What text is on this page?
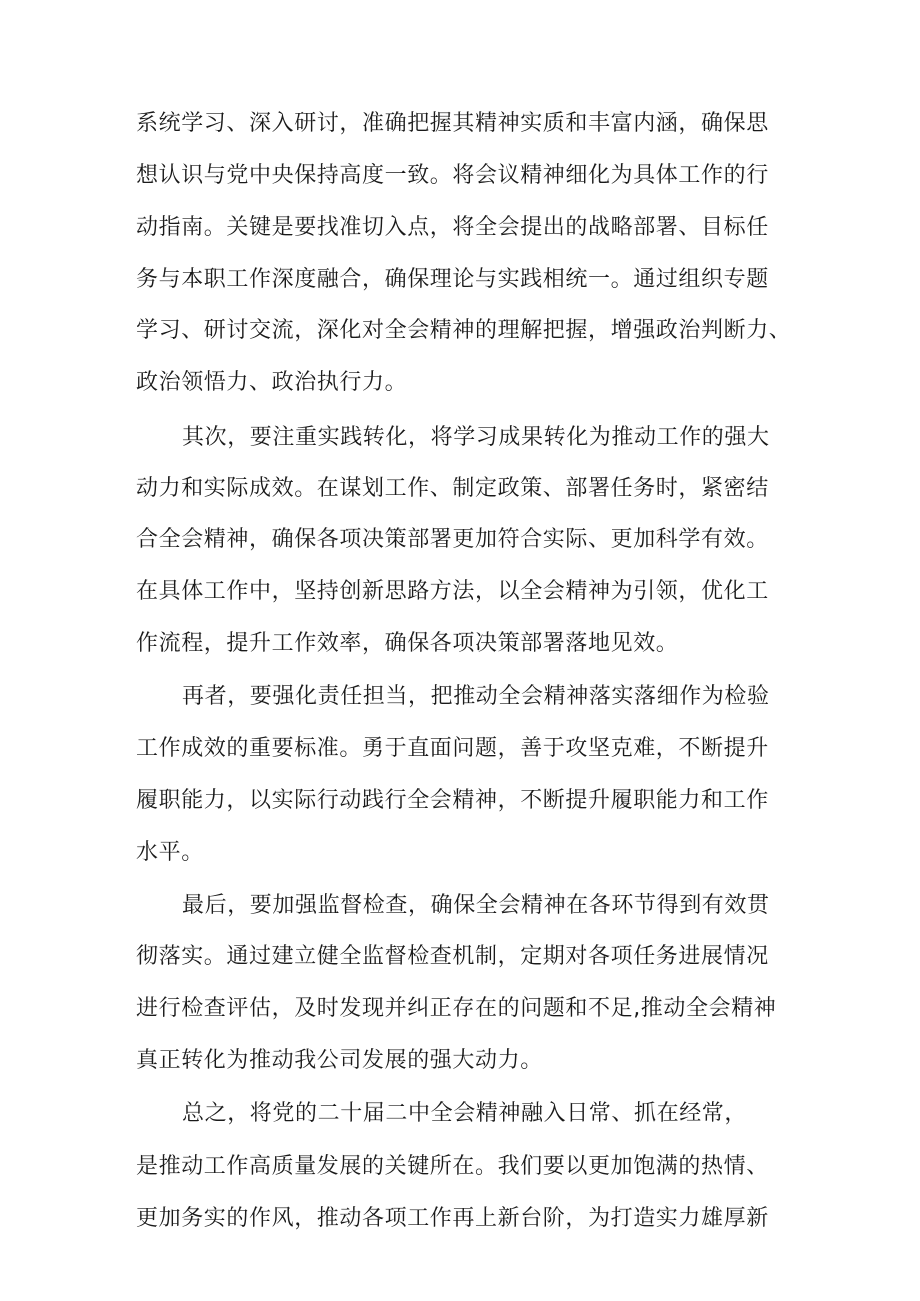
系统学习、深入研讨，准确把握其精神实质和丰富内涵，确保思
想认识与党中央保持高度一致。将会议精神细化为具体工作的行
动指南。关键是要找准切入点，将全会提出的战略部署、目标任
务与本职工作深度融合，确保理论与实践相统一。通过组织专题
学习、研讨交流，深化对全会精神的理解把握，增强政治判断力、
政治领悟力、政治执行力。
其次，要注重实践转化，将学习成果转化为推动工作的强大
动力和实际成效。在谋划工作、制定政策、部署任务时，紧密结
合全会精神，确保各项决策部署更加符合实际、更加科学有效。
在具体工作中，坚持创新思路方法，以全会精神为引领，优化工
作流程，提升工作效率，确保各项决策部署落地见效。
再者，要强化责任担当，把推动全会精神落实落细作为检验
工作成效的重要标准。勇于直面问题，善于攻坚克难，不断提升
履职能力，以实际行动践行全会精神，不断提升履职能力和工作
水平。
最后，要加强监督检查，确保全会精神在各环节得到有效贯
彻落实。通过建立健全监督检查机制，定期对各项任务进展情况
进行检查评估，及时发现并纠正存在的问题和不足,推动全会精神
真正转化为推动我公司发展的强大动力。
总之，将党的二十届二中全会精神融入日常、抓在经常，
是推动工作高质量发展的关键所在。我们要以更加饱满的热情、
更加务实的作风，推动各项工作再上新台阶，为打造实力雄厚新
